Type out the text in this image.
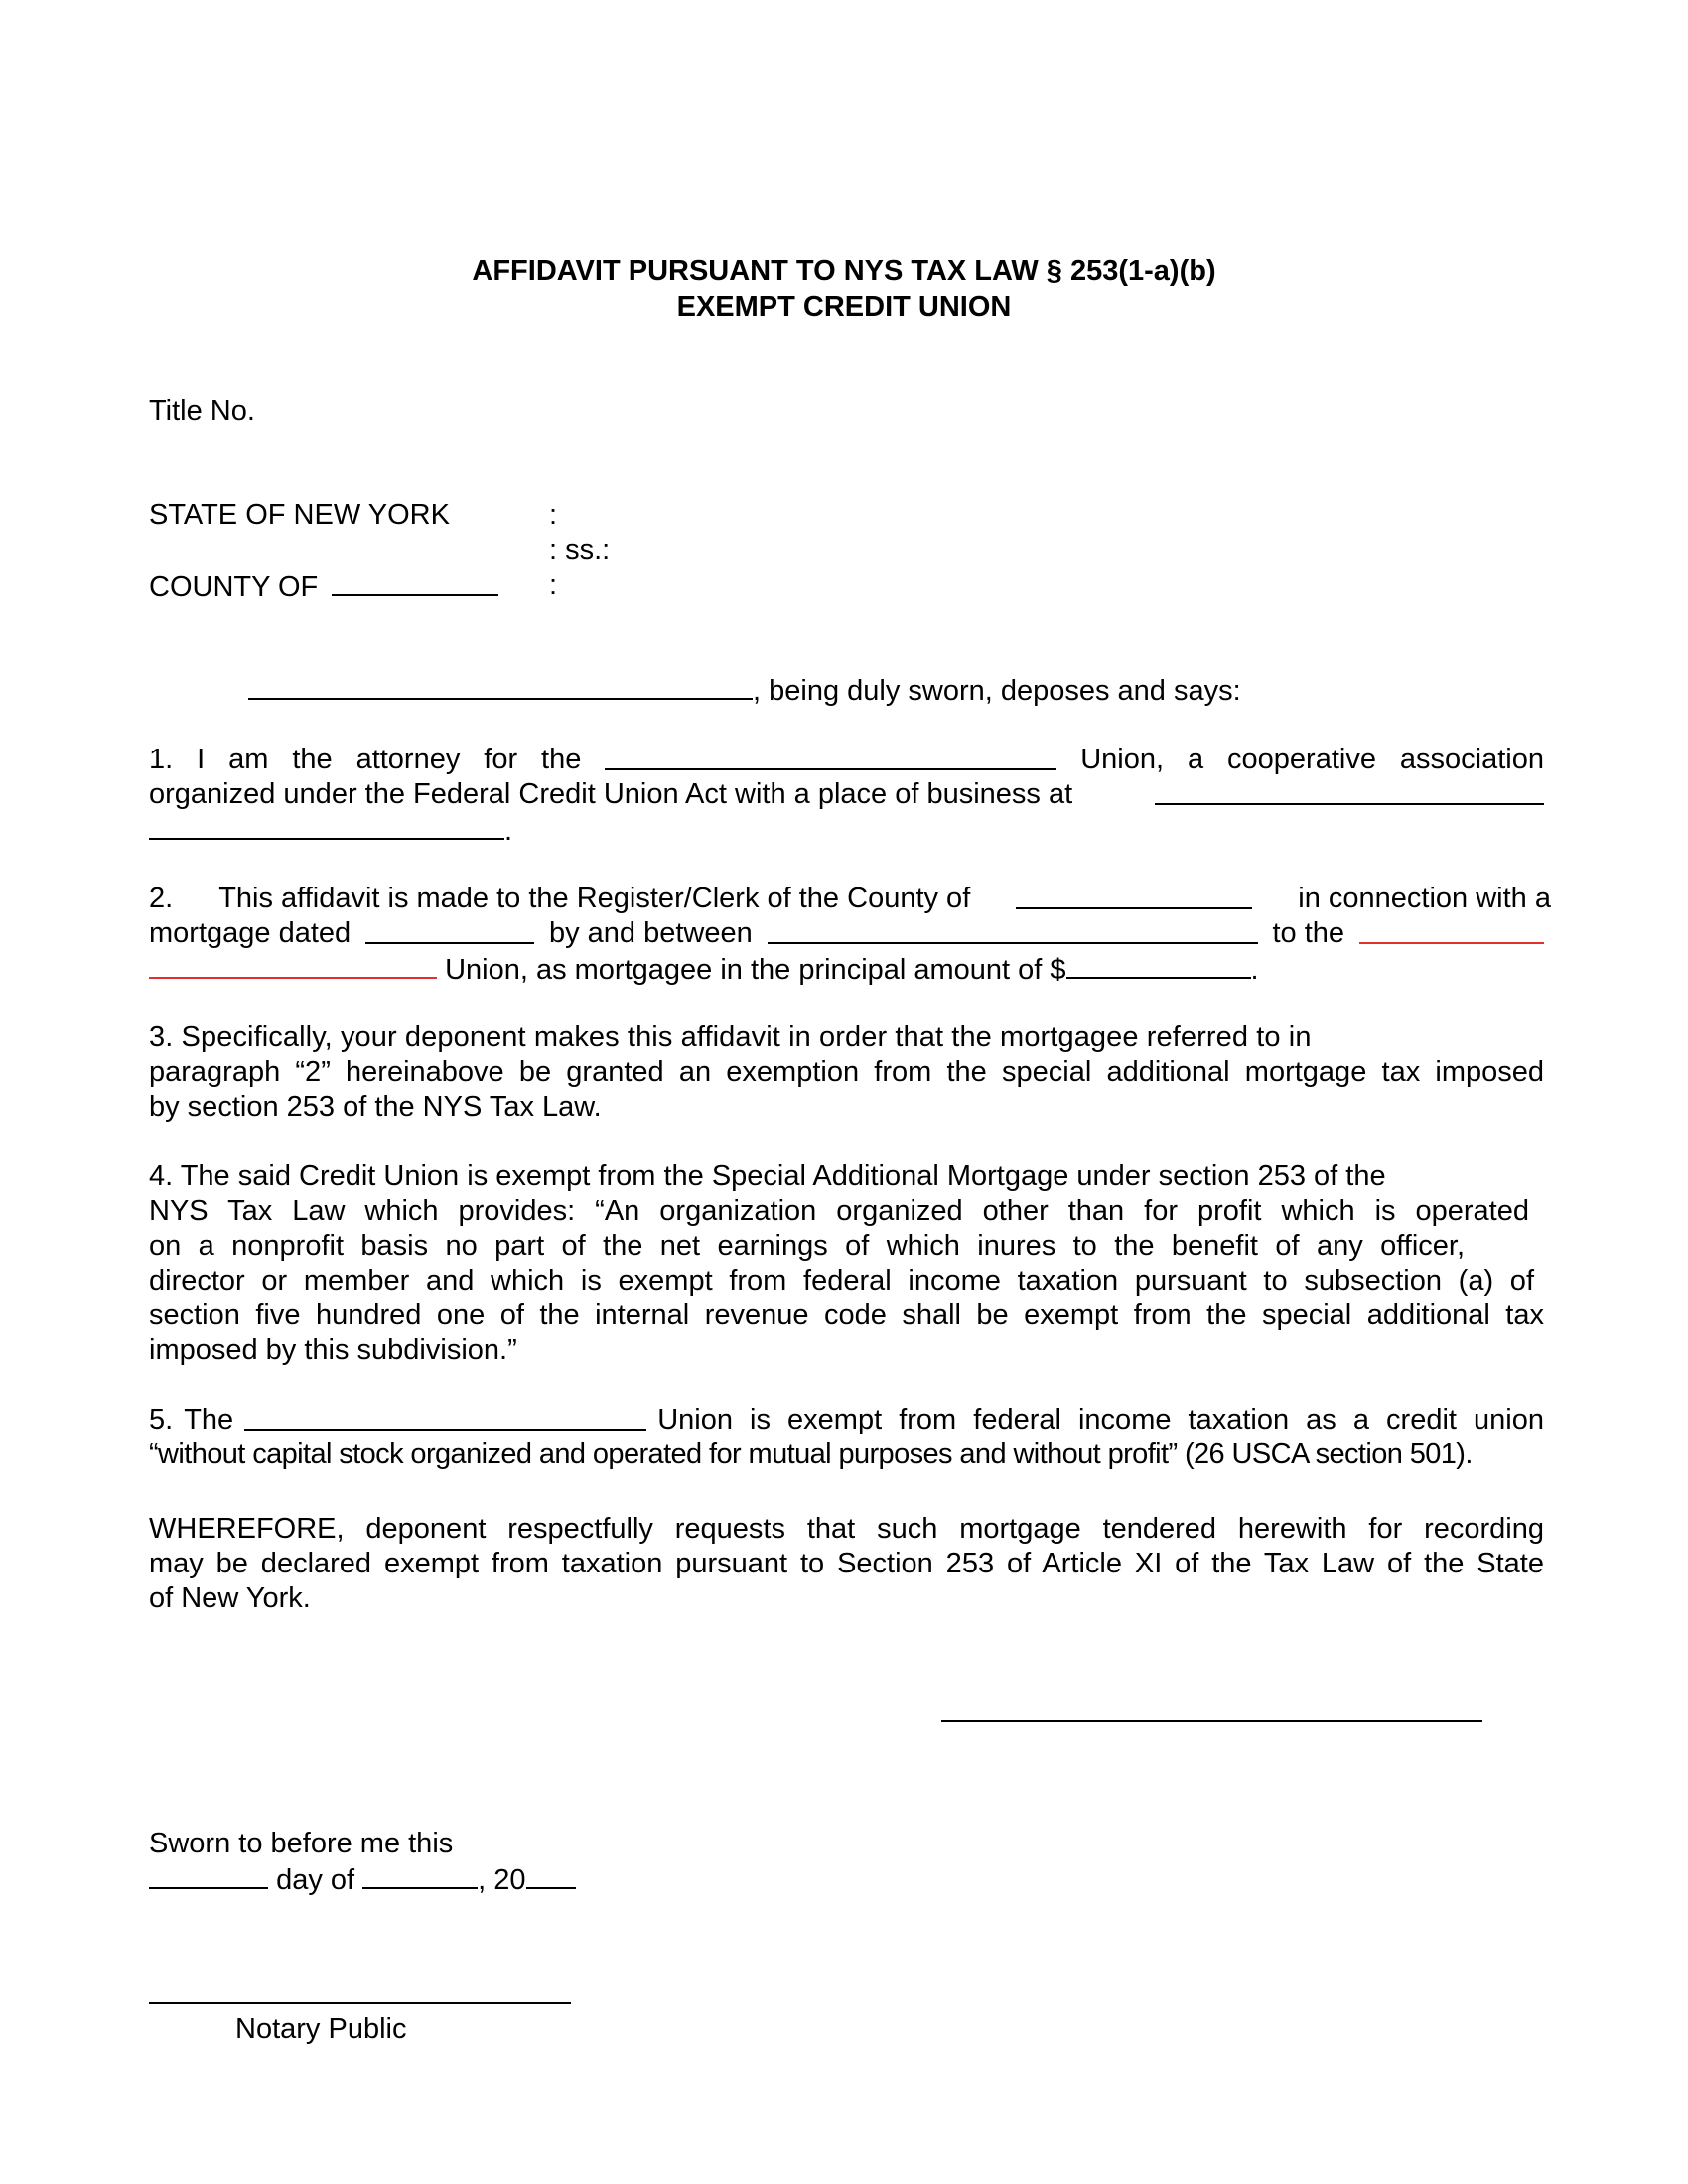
AFFIDAVIT PURSUANT TO NYS TAX LAW § 253(1-a)(b)
EXEMPT CREDIT UNION
Title No.
STATE OF NEW YORK	:
: ss.:
COUNTY OF	:
, being duly sworn, deposes and says:
1. I am the attorney for the	Union, a cooperative association
organized under the Federal Credit Union Act with a place of business at
.
2. This affidavit is made to the Register/Clerk of the County of	in connection with a
mortgage dated	by and between	to the
Union, as mortgagee in the principal amount of $	.
3. Specifically, your deponent makes this affidavit in order that the mortgagee referred to in
paragraph “2” hereinabove be granted an exemption from the special additional mortgage tax imposed
by section 253 of the NYS Tax Law.
4. The said Credit Union is exempt from the Special Additional Mortgage under section 253 of the
NYS Tax Law which provides: “An organization organized other than for profit which is operated
on a nonprofit basis no part of the net earnings of which inures to the benefit of any officer,
director or member and which is exempt from federal income taxation pursuant to subsection (a) of
section five hundred one of the internal revenue code shall be exempt from the special additional tax
imposed by this subdivision.”
5. The	Union is exempt from federal income taxation as a credit union
“without capital stock organized and operated for mutual purposes and without profit” (26 USCA section 501).
WHEREFORE, deponent respectfully requests that such mortgage tendered herewith for recording
may be declared exempt from taxation pursuant to Section 253 of Article XI of the Tax Law of the State
of New York.
Sworn to before me this
day of	, 20
Notary Public
